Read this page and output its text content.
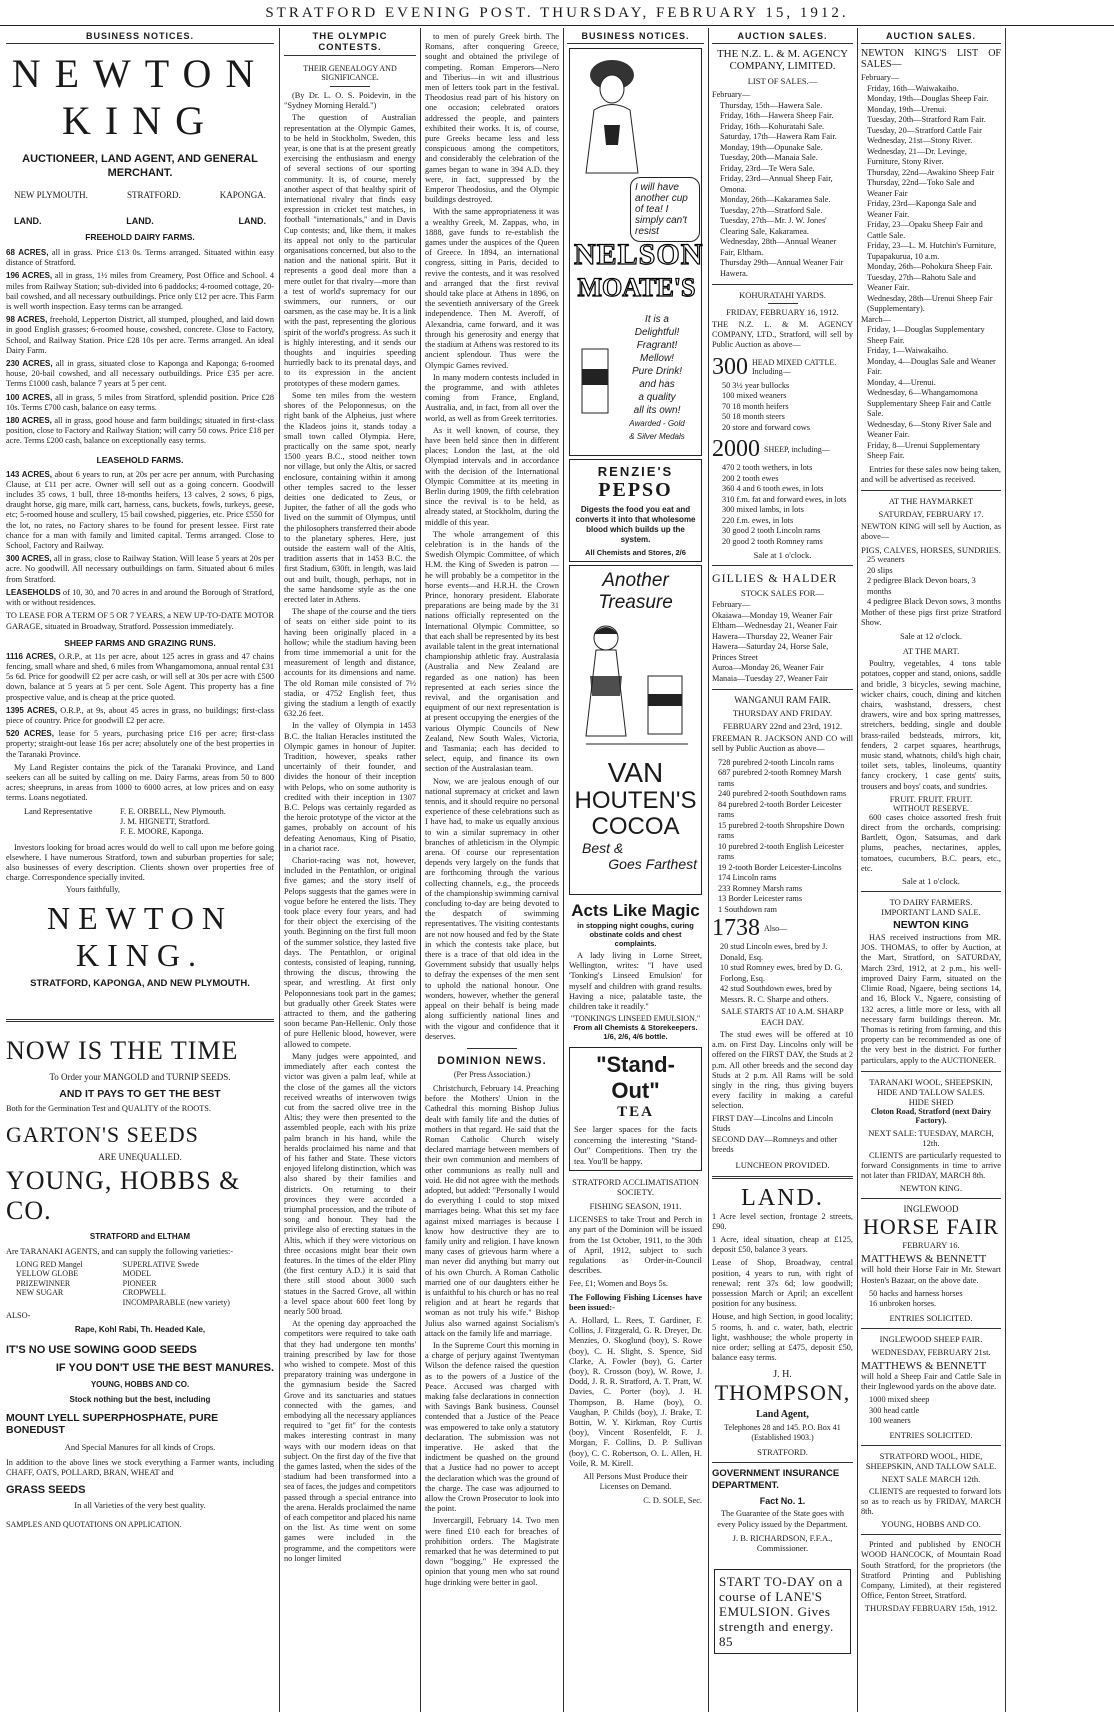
STRATFORD EVENING POST. THURSDAY, FEBRUARY 15, 1912.
BUSINESS NOTICES.
NEWTON KING
AUCTIONEER, LAND AGENT, AND GENERAL MERCHANT.
NEW PLYMOUTH.	STRATFORD.	KAPONGA.
LAND.	LAND.	LAND.
FREEHOLD DAIRY FARMS.
68 ACRES, all in grass. Price £13 0s. Terms arranged. Situated within easy distance of Stratford.
196 ACRES, all in grass, 1½ miles from Creamery, Post Office and School. 4 miles from Railway Station; sub-divided into 6 paddocks; 4-roomed cottage, 20-bail cowshed, and all necessary outbuildings. Price only £12 per acre. This Farm is well worth inspection. Easy terms can be arranged.
98 ACRES, freehold, Lepperton District, all stumped, ploughed, and laid down in good English grasses; 6-roomed house, cowshed, concrete. Close to Factory, School, and Railway Station. Price £28 10s per acre. Terms arranged. An ideal Dairy Farm.
230 ACRES, all in grass, situated close to Kaponga and Kaponga; 6-roomed house, 20-bail cowshed, and all necessary outbuildings. Price £35 per acre. Terms £1000 cash, balance 7 years at 5 per cent.
100 ACRES, all in grass, 5 miles from Stratford, splendid position. Price £28 10s. Terms £700 cash, balance on easy terms.
180 ACRES, all in grass, good house and farm buildings; situated in first-class position, close to Factory and Railway Station; will carry 50 cows. Price £18 per acre. Terms £200 cash, balance on exceptionally easy terms.
LEASEHOLD FARMS.
143 ACRES, about 6 years to run, at 20s per acre per annum, with Purchasing Clause, at £11 per acre. Owner will sell out as a going concern. Goodwill includes 35 cows, 1 bull, three 18-months heifers, 13 calves, 2 sows, 6 pigs, draught horse, gig mare, milk cart, harness, cans, buckets, fowls, turkeys, geese, etc; 5-roomed house and scullery, 15 bail cowshed, piggeries, etc. Price £550 for the lot, no rates, no Factory shares to be found for present lessee. First rate chance for a man with family and limited capital. Terms arranged. Close to School, Factory and Railway.
300 ACRES, all in grass, close to Railway Station. Will lease 5 years at 20s per acre. No goodwill. All necessary outbuildings on farm. Situated about 6 miles from Stratford.
LEASEHOLDS of 10, 30, and 70 acres in and around the Borough of Stratford, with or without residences.
TO LEASE FOR A TERM OF 5 OR 7 YEARS, a NEW UP-TO-DATE MOTOR GARAGE, situated in Broadway, Stratford. Possession immediately.
SHEEP FARMS AND GRAZING RUNS.
1116 ACRES, O.R.P., at 11s per acre, about 125 acres in grass and 47 chains fencing, small whare and shed, 6 miles from Whangamomona, annual rental £31 5s 6d. Price for goodwill £2 per acre cash, or will sell at 30s per acre with £500 down, balance at 5 years at 5 per cent. Sole Agent. This property has a fine prospective value, and is cheap at the price quoted.
1395 ACRES, O.R.P., at 9s, about 45 acres in grass, no buildings; first-class piece of country. Price for goodwill £2 per acre.
520 ACRES, lease for 5 years, purchasing price £16 per acre; first-class property; straight-out lease 16s per acre; absolutely one of the best properties in the Taranaki Province.
My Land Register contains the pick of the Taranaki Province, and Land seekers can all be suited by calling on me. Dairy Farms, areas from 50 to 800 acres; sheepruns, in areas from 1000 to 6000 acres, at low prices and on easy terms. Loans negotiated.
Land Representative	F. E. ORBELL, New Plymouth.
J. M. HIGNETT, Stratford.
F. E. MOORE, Kaponga.
Investors looking for broad acres would do well to call upon me before going elsewhere. I have numerous Stratford, town and suburban properties for sale; also businesses of every description. Clients shown over properties free of charge. Correspondence specially invited.
Yours faithfully,
NEWTON KING.
STRATFORD, KAPONGA, AND NEW PLYMOUTH.
NOW IS THE TIME
To Order your MANGOLD and TURNIP SEEDS.
AND IT PAYS TO GET THE BEST
Both for the Germination Test and QUALITY of the ROOTS.
GARTON'S SEEDS
ARE UNEQUALLED.
YOUNG, HOBBS & CO.
STRATFORD and ELTHAM
Are TARANAKI AGENTS, and can supply the following varieties:-
LONG RED Mangel
YELLOW GLOBE
PRIZEWINNER
NEW SUGAR
SUPERLATIVE Swede
MODEL
PIONEER
CROPWELL
INCOMPARABLE (new variety)
ALSO-
Rape, Kohl Rabi, Th. Headed Kale,
IT'S NO USE SOWING GOOD SEEDS
IF YOU DON'T USE THE BEST MANURES.
YOUNG, HOBBS AND CO.
Stock nothing but the best, including
MOUNT LYELL SUPERPHOSPHATE, PURE BONEDUST
And Special Manures for all kinds of Crops.
In addition to the above lines we stock everything a Farmer wants, including CHAFF, OATS, POLLARD, BRAN, WHEAT and
GRASS SEEDS
In all Varieties of the very best quality.
SAMPLES AND QUOTATIONS ON APPLICATION.
THE OLYMPIC CONTESTS.
THEIR GENEALOGY AND SIGNIFICANCE.
(By Dr. L. O. S. Poidevin, in the "Sydney Morning Herald.")
The question of Australian representation at the Olympic Games, to be held in Stockholm, Sweden, this year, is one that is at the present greatly exercising the enthusiasm and energy of several sections of our sporting community. It is, of course, merely another aspect of that healthy spirit of international rivalry that finds easy expression in cricket test matches, in football "internationals," and in Davis Cup contests; and, like them, it makes its appeal not only to the particular organisations concerned, but also to the nation and the national spirit. But it represents a good deal more than a mere outlet for that rivalry—more than a test of world's supremacy for our swimmers, our runners, or our oarsmen, as the case may be. It is a link with the past, representing the glorious spirit of the world's progress. As such it is highly interesting, and it sends our thoughts and inquiries speeding hurriedly back to its prenatal days, and to its expression in the ancient prototypes of these modern games.
Some ten miles from the western shores of the Peloponnesus, on the right bank of the Alpheius, just where the Kladeos joins it, stands today a small town called Olympia. Here, practically on the same spot, nearly 1500 years B.C., stood neither town nor village, but only the Altis, or sacred enclosure, containing within it among other temples sacred to the lesser deities one dedicated to Zeus, or Jupiter, the father of all the gods who lived on the summit of Olympus, until the philosophers transferred their abode to the planetary spheres. Here, just outside the eastern wall of the Altis, tradition asserts that in 1453 B.C. the first Stadium, 630ft. in length, was laid out and built, though, perhaps, not in the same handsome style as the one erected later in Athens.
The shape of the course and the tiers of seats on either side point to its having been originally placed in a hollow; while the stadium having been from time immemorial a unit for the measurement of length and distance, accounts for its dimensions and name. The old Roman mile consisted of 7½ stadia, or 4752 English feet, thus giving the stadium a length of exactly 632.26 feet.
In the valley of Olympia in 1453 B.C. the Italian Heracles instituted the Olympic games in honour of Jupiter. Tradition, however, speaks rather uncertainly of their founder, and divides the honour of their inception with Pelops, who on some authority is credited with their inception in 1307 B.C. Pelops was certainly regarded as the heroic prototype of the victor at the games, probably on account of his defeating Aenomaus, King of Pisatio, in a chariot race.
Chariot-racing was not, however, included in the Pentathlon, or original five games; and the story itself of Pelops suggests that the games were in vogue before he entered the lists. They took place every four years, and had for their object the exercising of the youth. Beginning on the first full moon of the summer solstice, they lasted five days. The Pentathlon, or original contests, consisted of leaping, running, throwing the discus, throwing the spear, and wrestling. At first only Peloponnesians took part in the games; but gradually other Greek States were attracted to them, and the gathering soon became Pan-Hellenic. Only those of pure Hellenic blood, however, were allowed to compete.
Many judges were appointed, and immediately after each contest the victor was given a palm leaf, while at the close of the games all the victors received wreaths of interwoven twigs cut from the sacred olive tree in the Altis; they were then presented to the assembled people, each with his prize palm branch in his hand, while the heralds proclaimed his name and that of his father and State. These victors enjoyed lifelong distinction, which was also shared by their families and districts. On returning to their provinces they were accorded a triumphal procession, and the tribute of song and honour. They had the privilege also of erecting statues in the Altis, which if they were victorious on three occasions might bear their own features. In the times of the elder Pliny (the first century A.D.) it is said that there still stood about 3000 such statues in the Sacred Grove, all within a level space about 600 feet long by nearly 500 broad.
At the opening day approached the competitors were required to take oath that they had undergone ten months' training prescribed by law for those who wished to compete. Most of this preparatory training was undergone in the gymnasium beside the Sacred Grove and its sanctuaries and statues connected with the games, and embodying all the necessary appliances required to "get fit" for the contests makes interesting contrast in many ways with our modern ideas on that subject. On the first day of the five that the games lasted, when the sides of the stadium had been transformed into a sea of faces, the judges and competitors passed through a special entrance into the arena. Heralds proclaimed the name of each competitor and placed his name on the list. As time went on some games were included in the programme, and the competitors were no longer limited
to men of purely Greek birth. The Romans, after conquering Greece, sought and obtained the privilege of competing. Roman Emperors—Nero and Tiberius—in wit and illustrious men of letters took part in the festival. Theodosius read part of his history on one occasion; celebrated orators addressed the people, and painters exhibited their works. It is, of course, pure Greeks became less and less conspicuous among the competitors, and considerably the celebration of the games began to wane in 394 A.D. they were, in fact, suppressed by the Emperor Theodosius, and the Olympic buildings destroyed.
With the same appropriateness it was a wealthy Greek, M. Zappas, who, in 1888, gave funds to re-establish the games under the auspices of the Queen of Greece. In 1894, an international congress, sitting in Paris, decided to revive the contests, and it was resolved and arranged that the first revival should take place at Athens in 1896, on the seventieth anniversary of the Greek independence. Then M. Averoff, of Alexandria, came forward, and it was through his generosity and energy that the stadium at Athens was restored to its ancient splendour. Thus were the Olympic Games revived.
In many modern contests included in the programme, and with athletes coming from France, England, Australia, and, in fact, from all over the world, as well as from Greek territories.
As it well known, of course, they have been held since then in different places; London the last, at the old Olympiad intervals and in accordance with the decision of the International Olympic Committee at its meeting in Berlin during 1909, the fifth celebration since the revival is to be held, as already stated, at Stockholm, during the middle of this year.
The whole arrangement of this celebration is in the hands of the Swedish Olympic Committee, of which H.M. the King of Sweden is patron —he will probably be a competitor in the horse events—and H.R.H. the Crown Prince, honorary president. Elaborate preparations are being made by the 31 nations officially represented on the International Olympic Committee, so that each shall be represented by its best available talent in the great international championship athletic fray. Australasia (Australia and New Zealand are regarded as one nation) has been represented at each series since the revival, and the organisation and equipment of our next representation is at present occupying the energies of the various Olympic Councils of New Zealand, New South Wales, Victoria, and Tasmania; each has decided to select, equip, and finance its own section of the Australasian team.
Now, we are jealous enough of our national supremacy at cricket and lawn tennis, and it should require no personal experience of these celebrations such as I have had, to make us equally anxious to win a similar supremacy in other branches of athleticism in the Olympic arena. Of course our representation depends very largely on the funds that are forthcoming through the various collecting channels, e.g., the proceeds of the championship swimming carnival concluding to-day are being devoted to the despatch of swimming representatives. The visiting contestants are not now housed and fed by the State in which the contests take place, but there is a trace of that old idea in the Government subsidy that usually helps to defray the expenses of the men sent to uphold the national honour. One wonders, however, whether the general appeal on their behalf is being made along sufficiently national lines and with the vigour and confidence that it deserves.
DOMINION NEWS.
(Per Press Association.)
Christchurch, February 14. Preaching before the Mothers' Union in the Cathedral this morning Bishop Julius dealt with family life and the duties of mothers in that regard. He said that the Roman Catholic Church wisely declared marriage between members of their own communion and members of other communions as really null and void. He did not agree with the methods adopted, but added: "Personally I would do everything I could to stop mixed marriages being. What this set my face against mixed marriages is because I know how destructive they are to family unity and religion. I have known many cases of grievous harm where a man never did anything but marry out of his own Church. A Roman Catholic married one of our daughters either he is unfaithful to his church or has no real religion and at heart he regards that woman as not truly his wife." Bishop Julius also warned against Socialism's attack on the family life and marriage.
In the Supreme Court this morning in a charge of perjury against Twentyman Wilson the defence raised the question as to the powers of a Justice of the Peace. Accused was charged with making false declarations in connection with Savings Bank business. Counsel contended that a Justice of the Peace was empowered to take only a statutory declaration. The submission was not imperative. He asked that the indictment be quashed on the ground that a Justice had no power to accept the declaration which was the ground of the charge. The case was adjourned to allow the Crown Prosecutor to look into the point.
Invercargill, February 14. Two men were fined £10 each for breaches of prohibition orders. The Magistrate remarked that he was determined to put down "bogging." He expressed the opinion that young men who sat round huge drinking were better in gaol.
BUSINESS NOTICES.
I will have another cup of tea! I simply can't resist
NELSON
MOATE'S
It is a
Delightful!
Fragrant!
Mellow!
Pure Drink!
and has
a quality
all its own!
Awarded - Gold
& Silver Medals
RENZIE'S
PEPSO
Digests the food you eat and converts it into that wholesome blood which builds up the system.
All Chemists and Stores, 2/6
Another
Treasure
VAN
HOUTEN'S
COCOA
Best &
Goes Farthest
Acts Like Magic
in stopping night coughs, curing obstinate colds and chest complaints.
A lady living in Lorne Street, Wellington, writes: "I have used 'Tonking's Linseed Emulsion' for myself and children with grand results. Having a nice, palatable taste, the children take it readily."
"TONKING'S LINSEED EMULSION."
From all Chemists & Storekeepers. 1/6, 2/6, 4/6 bottle.
"Stand-Out"
TEA
See larger spaces for the facts concerning the interesting "Stand-Out" Competitions. Then try the tea. You'll be happy.
STRATFORD ACCLIMATISATION SOCIETY.
FISHING SEASON, 1911.
LICENSES to take Trout and Perch in any part of the Dominion will be issued from the 1st October, 1911, to the 30th of April, 1912, subject to such regulations as Order-in-Council describes.
Fee, £1; Women and Boys 5s.
The Following Fishing Licenses have been issued:-
A. Hollard, L. Rees, T. Gardiner, F. Collins, J. Fitzgerald, G. R. Dreyer, Dr. Menzies, O. Skoglund (boy), S. Rowe (boy), C. H. Slight, S. Spence, Sid Clarke, A. Fowler (boy), G. Carter (boy), R. Crosson (boy), W. Rowe, J. Dodd, J. R. R. Stratford, A. T. Pratt, W. Davies, C. Porter (boy), J. H. Thompson, B. Hame (boy), O. Vaughan, P. Childs (boy), J. Brake, T. Bottin, W. Y. Kirkman, Roy Curtis (boy), Vincent Rosenfeldt, F. J. Morgan, F. Collins, D. P. Sullivan (boy), C. C. Robertson, O. L. Allen, H. Voile, R. M. Kirell.
All Persons Must Produce their Licenses on Demand.
C. D. SOLE, Sec.
AUCTION SALES.
THE N.Z. L. & M. AGENCY COMPANY, LIMITED.
LIST OF SALES.—
February—
Thursday, 15th—Hawera Sale.
Friday, 16th—Hawera Sheep Fair.
Friday, 16th—Kohuratahi Sale.
Saturday, 17th—Hawera Ram Fair.
Monday, 19th—Opunake Sale.
Tuesday, 20th—Manaia Sale.
Friday, 23rd—Te Wera Sale.
Friday, 23rd—Annual Sheep Fair, Omona.
Monday, 26th—Kakaramea Sale.
Tuesday, 27th—Stratford Sale.
Tuesday, 27th—Mr. J. W. Jones' Clearing Sale, Kakaramea.
Wednesday, 28th—Annual Weaner Fair, Eltham.
Thursday 29th—Annual Weaner Fair Hawera.
KOHURATAHI YARDS.
FRIDAY, FEBRUARY 16, 1912.
THE N.Z. L. & M. AGENCY COMPANY, LTD., Stratford, will sell by Public Auction as above—
300 HEAD MIXED CATTLE. Including—
50 3½ year bullocks
100 mixed weaners
70 18 month heifers
50 18 month steers
20 store and forward cows
2000 SHEEP, including—
470 2 tooth wethers, in lots
200 2 tooth ewes
360 4 and 6 tooth ewes, in lots
310 f.m. fat and forward ewes, in lots
300 mixed lambs, in lots
220 f.m. ewes, in lots
30 good 2 tooth Lincoln rams
20 good 2 tooth Romney rams
Sale at 1 o'clock.
GILLIES & HALDER
STOCK SALES FOR—
February—
Okaiawa—Monday 19, Weaner Fair
Eltham—Wednesday 21, Weaner Fair
Hawera—Thursday 22, Weaner Fair
Hawera—Saturday 24, Horse Sale, Princes Street
Auroa—Monday 26, Weaner Fair
Manaia—Tuesday 27, Weaner Fair
WANGANUI RAM FAIR.
THURSDAY AND FRIDAY.
FEBRUARY 22nd and 23rd, 1912.
FREEMAN R. JACKSON AND CO will sell by Public Auction as above—
728 purebred 2-tooth Lincoln rams
687 purebred 2-tooth Romney Marsh rams
240 purebred 2-tooth Southdown rams
84 purebred 2-tooth Border Leicester rams
15 purebred 2-tooth Shropshire Down rams
10 purebred 2-tooth English Leicester rams
19 2-tooth Border Leicester-Lincolns
174 Lincoln rams
233 Romney Marsh rams
13 Border Leicester rams
1 Southdown ram
1738 Also—
20 stud Lincoln ewes, bred by J. Donald, Esq.
10 stud Romney ewes, bred by D. G. Forlong, Esq.
42 stud Southdown ewes, bred by Messrs. R. C. Sharpe and others.
SALE STARTS AT 10 A.M. SHARP EACH DAY.
The stud ewes will be offered at 10 a.m. on First Day. Lincolns only will be offered on the FIRST DAY, the Studs at 2 p.m. All other breeds and the second day Studs at 2 p.m. All Rams will be sold singly in the ring, thus giving buyers every facility in making a careful selection.
FIRST DAY—Lincolns and Lincoln Studs
SECOND DAY—Romneys and other breeds
LUNCHEON PROVIDED.
LAND.
1 Acre level section, frontage 2 streets, £90.
1 Acre, ideal situation, cheap at £125, deposit £50, balance 3 years.
Lease of Shop, Broadway, central position, 4 years to run, with right of renewal; rent 37s 6d; low goodwill; possession March or April; an excellent position for any business.
House, and high Section, in good locality; 5 rooms, h. and c. water, bath, electric light, washhouse; the whole property in nice order; selling at £475, deposit £50, balance easy terms.
J. H.
THOMPSON,
Land Agent,
Telephones 28 and 145. P.O. Box 41 (Established 1903.)
STRATFORD.
GOVERNMENT INSURANCE DEPARTMENT.
Fact No. 1.
The Guarantee of the State goes with every Policy issued by the Department.
J. B. RICHARDSON, F.F.A.,
Commissioner.
START TO-DAY on a course of LANE'S EMULSION. Gives strength and energy. 85
AUCTION SALES.
NEWTON KING'S LIST OF SALES—
February—
Friday, 16th—Waiwakaiho.
Monday, 19th—Douglas Sheep Fair.
Monday, 19th—Urenui.
Tuesday, 20th—Stratford Ram Fair.
Tuesday, 20—Stratford Cattle Fair
Wednesday, 21st—Stony River.
Wednesday, 21—Dr. Levinge, Furniture, Stony River.
Thursday, 22nd—Awakino Sheep Fair
Thursday, 22nd—Toko Sale and Weaner Fair
Friday, 23rd—Kaponga Sale and Weaner Fair.
Friday, 23—Opaku Sheep Fair and Cattle Sale.
Friday, 23—L. M. Hutchin's Furniture, Tupapakurua, 10 a.m.
Monday, 26th—Pohokura Sheep Fair.
Tuesday, 27th—Rahotu Sale and Weaner Fair.
Wednesday, 28th—Urenui Sheep Fair (Supplementary).
March—
Friday, 1—Douglas Supplementary Sheep Fair.
Friday, 1—Waiwakaiho.
Monday, 4—Douglas Sale and Weaner Fair.
Monday, 4—Urenui.
Wednesday, 6—Whangamomona Supplementary Sheep Fair and Cattle Sale.
Wednesday, 6—Stony River Sale and Weaner Fair.
Friday, 8—Urenui Supplementary Sheep Fair.
Entries for these sales now being taken, and will be advertised as received.
AT THE HAYMARKET
SATURDAY, FEBRUARY 17.
NEWTON KING will sell by Auction, as above—
PIGS, CALVES, HORSES, SUNDRIES.
25 weaners
20 slips
2 pedigree Black Devon boars, 3 months
4 pedigree Black Devon sows, 3 months
Mother of these pigs first prize Stratford Show.
Sale at 12 o'clock.
AT THE MART.
Poultry, vegetables, 4 tons table potatoes, copper and stand, onions, saddle and bridle, 3 bicycles, sewing machine, wicker chairs, couch, dining and kitchen chairs, washstand, dressers, chest drawers, wire and box spring mattresses, stretchers, bedding, single and double brass-railed bedsteads, mirrors, kit, fenders, 2 carpet squares, hearthrugs, music stand, whatnots, child's high chair, toilet sets, tables, linoleums, quantity fancy crockery, 1 case gents' suits, trousers and boys' coats, and sundries.
FRUIT. FRUIT. FRUIT.
WITHOUT RESERVE.
600 cases choice assorted fresh fruit direct from the orchards, comprising: Bartlett, Ogon, Satsumas, and dark plums, peaches, nectarines, apples, tomatoes, cucumbers, B.C. pears, etc., etc.
Sale at 1 o'clock.
TO DAIRY FARMERS.
IMPORTANT LAND SALE.
NEWTON KING
HAS received instructions from MR. JOS. THOMAS, to offer by Auction, at the Mart, Stratford, on SATURDAY, March 23rd, 1912, at 2 p.m., his well-improved Dairy Farm, situated on the Climie Road, Ngaere, being sections 14, and 16, Block V., Ngaere, consisting of 132 acres, a little more or less, with all necessary farm buildings thereon. Mr. Thomas is retiring from farming, and this property can be recommended as one of the very best in the district. For further particulars, apply to the AUCTIONEER.
TARANAKI WOOL, SHEEPSKIN, HIDE AND TALLOW SALES.
HIDE SHED
Cloton Road, Stratford (next Dairy Factory).
NEXT SALE: TUESDAY, MARCH, 12th.
CLIENTS are particularly requested to forward Consignments in time to arrive not later than FRIDAY, MARCH 8th.
NEWTON KING.
INGLEWOOD
HORSE FAIR
FEBRUARY 16.
MATTHEWS & BENNETT
will hold their Horse Fair in Mr. Stewart Hosten's Bazaar, on the above date.
50 hacks and harness horses
16 unbroken horses.
ENTRIES SOLICITED.
INGLEWOOD SHEEP FAIR.
WEDNESDAY, FEBRUARY 21st.
MATTHEWS & BENNETT
will hold a Sheep Fair and Cattle Sale in their Inglewood yards on the above date.
1000 mixed sheep
300 head cattle
100 weaners
ENTRIES SOLICITED.
STRATFORD WOOL, HIDE, SHEEPSKIN, AND TALLOW SALE.
NEXT SALE MARCH 12th.
CLIENTS are requested to forward lots so as to reach us by FRIDAY, MARCH 8th.
YOUNG, HOBBS AND CO.
Printed and published by ENOCH WOOD HANCOCK, of Mountain Road South Stratford, for the proprietors (the Stratford Printing and Publishing Company, Limited), at their registered Office, Fenton Street, Stratford.
THURSDAY FEBRUARY 15th, 1912.
